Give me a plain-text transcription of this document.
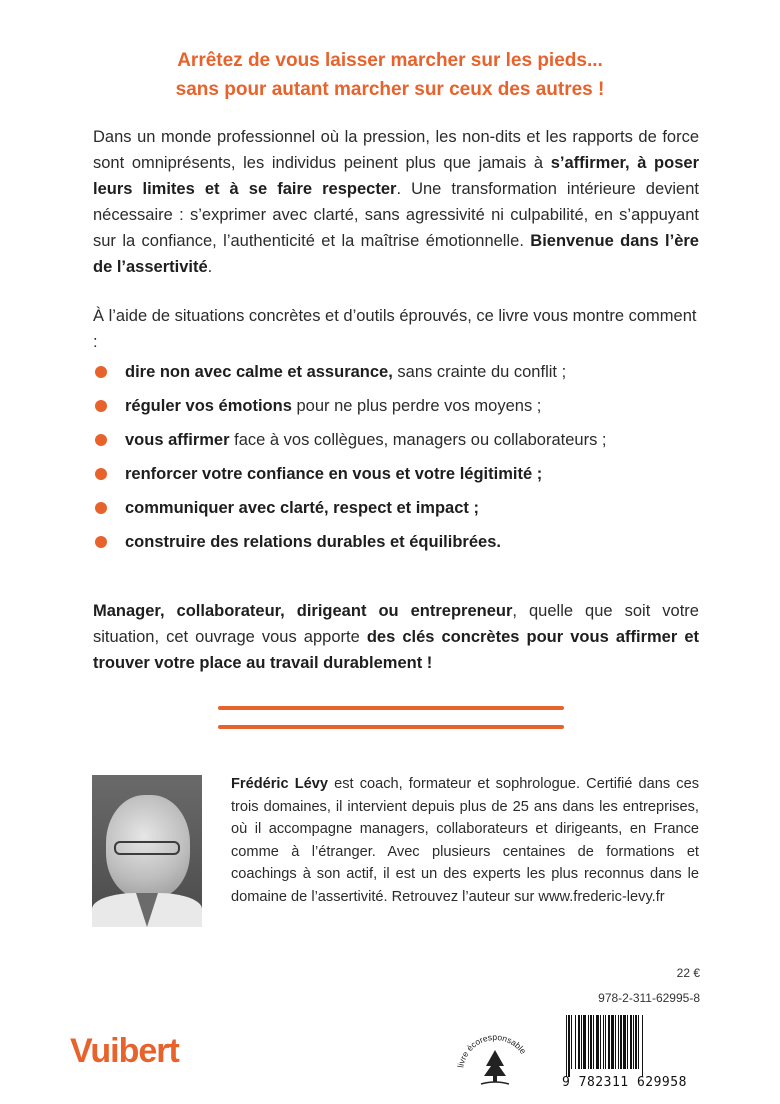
Arrêtez de vous laisser marcher sur les pieds...
sans pour autant marcher sur ceux des autres !

Dans un monde professionnel où la pression, les non-dits et les rapports de force sont omniprésents, les individus peinent plus que jamais à s’affirmer, à poser leurs limites et à se faire respecter. Une transformation intérieure devient nécessaire : s’exprimer avec clarté, sans agressivité ni culpabilité, en s’appuyant sur la confiance, l’authenticité et la maîtrise émotionnelle. Bienvenue dans l’ère de l’assertivité.

À l’aide de situations concrètes et d’outils éprouvés, ce livre vous montre comment :

dire non avec calme et assurance, sans crainte du conflit ;
réguler vos émotions pour ne plus perdre vos moyens ;
vous affirmer face à vos collègues, managers ou collaborateurs ;
renforcer votre confiance en vous et votre légitimité ;
communiquer avec clarté, respect et impact ;
construire des relations durables et équilibrées.

Manager, collaborateur, dirigeant ou entrepreneur, quelle que soit votre situation, cet ouvrage vous apporte des clés concrètes pour vous affirmer et trouver votre place au travail durablement !

Frédéric Lévy est coach, formateur et sophrologue. Certifié dans ces trois domaines, il intervient depuis plus de 25 ans dans les entreprises, où il accompagne managers, collaborateurs et dirigeants, en France comme à l’étranger. Avec plusieurs centaines de formations et coachings à son actif, il est un des experts les plus reconnus dans le domaine de l’assertivité. Retrouvez l’auteur sur www.frederic-levy.fr

22 €
978-2-311-62995-8
Vuibert	livre écoresponsable
9 782311 629958
